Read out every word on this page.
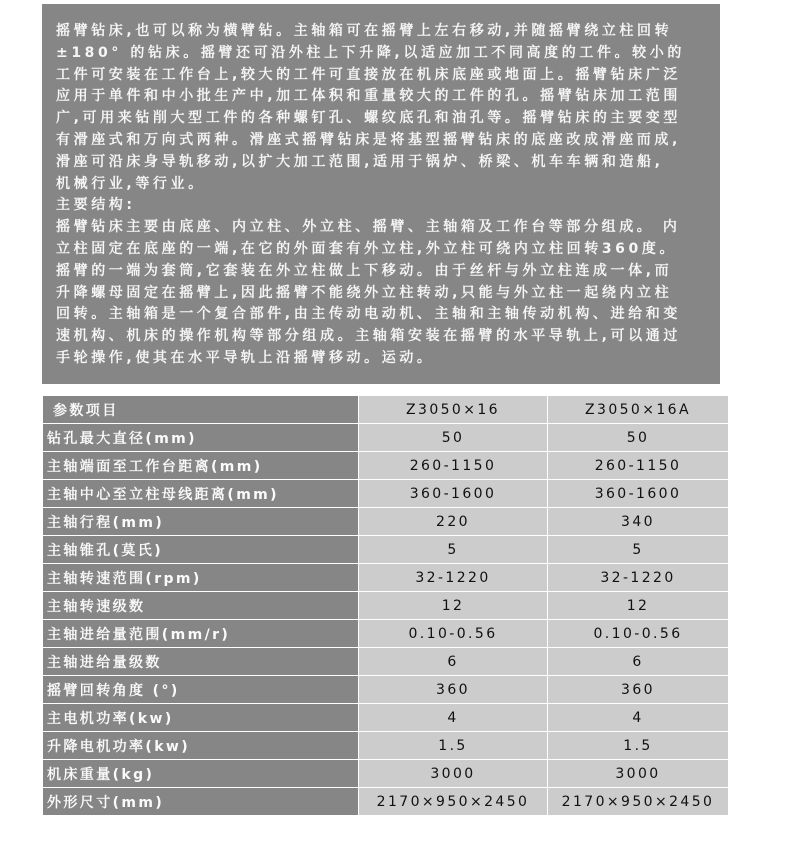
摇臂钻床,也可以称为横臂钻。主轴箱可在摇臂上左右移动,并随摇臂绕立柱回转
±180° 的钻床。摇臂还可沿外柱上下升降,以适应加工不同高度的工件。较小的
工件可安装在工作台上,较大的工件可直接放在机床底座或地面上。摇臂钻床广泛
应用于单件和中小批生产中,加工体积和重量较大的工件的孔。摇臂钻床加工范围
广,可用来钻削大型工件的各种螺钉孔、螺纹底孔和油孔等。摇臂钻床的主要变型
有滑座式和万向式两种。滑座式摇臂钻床是将基型摇臂钻床的底座改成滑座而成,
滑座可沿床身导轨移动,以扩大加工范围,适用于锅炉、桥梁、机车车辆和造船,
机械行业,等行业。
主要结构:
摇臂钻床主要由底座、内立柱、外立柱、摇臂、主轴箱及工作台等部分组成。 内
立柱固定在底座的一端,在它的外面套有外立柱,外立柱可绕内立柱回转360度。
摇臂的一端为套筒,它套装在外立柱做上下移动。由于丝杆与外立柱连成一体,而
升降螺母固定在摇臂上,因此摇臂不能绕外立柱转动,只能与外立柱一起绕内立柱
回转。主轴箱是一个复合部件,由主传动电动机、主轴和主轴传动机构、进给和变
速机构、机床的操作机构等部分组成。主轴箱安装在摇臂的水平导轨上,可以通过
手轮操作,使其在水平导轨上沿摇臂移动。运动。
参数项目	Z3050×16	Z3050×16A
钻孔最大直径(mm)	50	50
主轴端面至工作台距离(mm)	260-1150	260-1150
主轴中心至立柱母线距离(mm)	360-1600	360-1600
主轴行程(mm)	220	340
主轴锥孔(莫氏)	5	5
主轴转速范围(rpm)	32-1220	32-1220
主轴转速级数	12	12
主轴进给量范围(mm/r)	0.10-0.56	0.10-0.56
主轴进给量级数	6	6
摇臂回转角度 (°)	360	360
主电机功率(kw)	4	4
升降电机功率(kw)	1.5	1.5
机床重量(kg)	3000	3000
外形尺寸(mm)	2170×950×2450	2170×950×2450
